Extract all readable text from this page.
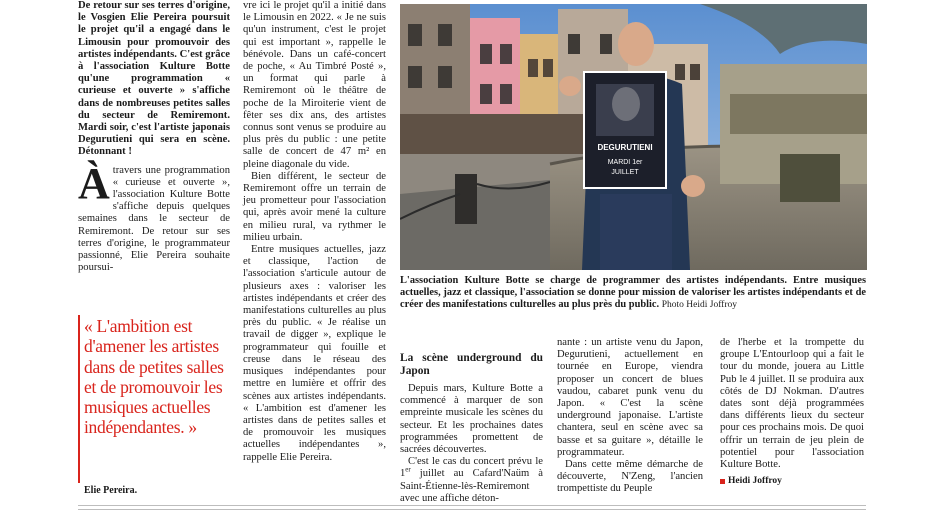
De retour sur ses terres d'origine, le Vosgien Elie Pereira poursuit le projet qu'il a engagé dans le Limousin pour promouvoir des artistes indépendants. C'est grâce à l'association Kulture Botte qu'une programmation « curieuse et ouverte » s'affiche dans de nombreuses petites salles du secteur de Remiremont. Mardi soir, c'est l'artiste japonais Degurutieni qui sera en scène. Détonnant !

Àtravers une programmation « curieuse et ouverte », l'association Kulture Botte s'affiche depuis quelques semaines dans le secteur de Remiremont. De retour sur ses terres d'origine, le programmateur passionné, Elie Pereira souhaite poursui-

« L'ambition est d'amener les artistes dans de petites salles et de promouvoir les musiques actuelles indépendantes. »
Elie Pereira.

vre ici le projet qu'il a initié dans le Limousin en 2022. « Je ne suis qu'un instrument, c'est le projet qui est important », rappelle le bénévole. Dans un café-concert de poche, « Au Timbré Posté », un format qui parle à Remiremont où le théâtre de poche de la Miroiterie vient de fêter ses dix ans, des artistes connus sont venus se produire au plus près du public : une petite salle de concert de 47 m² en pleine diagonale du vide.

Bien différent, le secteur de Remiremont offre un terrain de jeu prometteur pour l'association qui, après avoir mené la culture en milieu rural, va rythmer le milieu urbain.

Entre musiques actuelles, jazz et classique, l'action de l'association s'articule autour de plusieurs axes : valoriser les artistes indépendants et créer des manifestations culturelles au plus près du public. « Je réalise un travail de digger », explique le programmateur qui fouille et creuse dans le réseau des musiques indépendantes pour mettre en lumière et offrir des scènes aux artistes indépendants. « L'ambition est d'amener les artistes dans de petites salles et de promouvoir les musiques actuelles indépendantes », rappelle Elie Pereira.

DEGURUTIENI
MARDI 1er
JUILLET
L'association Kulture Botte se charge de programmer des artistes indépendants. Entre musiques actuelles, jazz et classique, l'association se donne pour mission de valoriser les artistes indépendants et de créer des manifestations culturelles au plus près du public. Photo Heidi Joffroy

La scène underground du Japon

Depuis mars, Kulture Botte a commencé à marquer de son empreinte musicale les scènes du secteur. Et les prochaines dates programmées promettent de sacrées découvertes.

C'est le cas du concert prévu le 1er juillet au Cafard'Naüm à Saint-Étienne-lès-Remiremont avec une affiche déton-

nante : un artiste venu du Japon, Degurutieni, actuellement en tournée en Europe, viendra proposer un concert de blues vaudou, cabaret punk venu du Japon. « C'est la scène underground japonaise. L'artiste chantera, seul en scène avec sa basse et sa guitare », détaille le programmateur.

Dans cette même démarche de découverte, N'Zeng, l'ancien trompettiste du Peuple

de l'herbe et la trompette du groupe L'Entourloop qui a fait le tour du monde, jouera au Little Pub le 4 juillet. Il se produira aux côtés de DJ Nokman. D'autres dates sont déjà programmées dans différents lieux du secteur pour ces prochains mois. De quoi offrir un terrain de jeu plein de potentiel pour l'association Kulture Botte.

Heidi Joffroy
